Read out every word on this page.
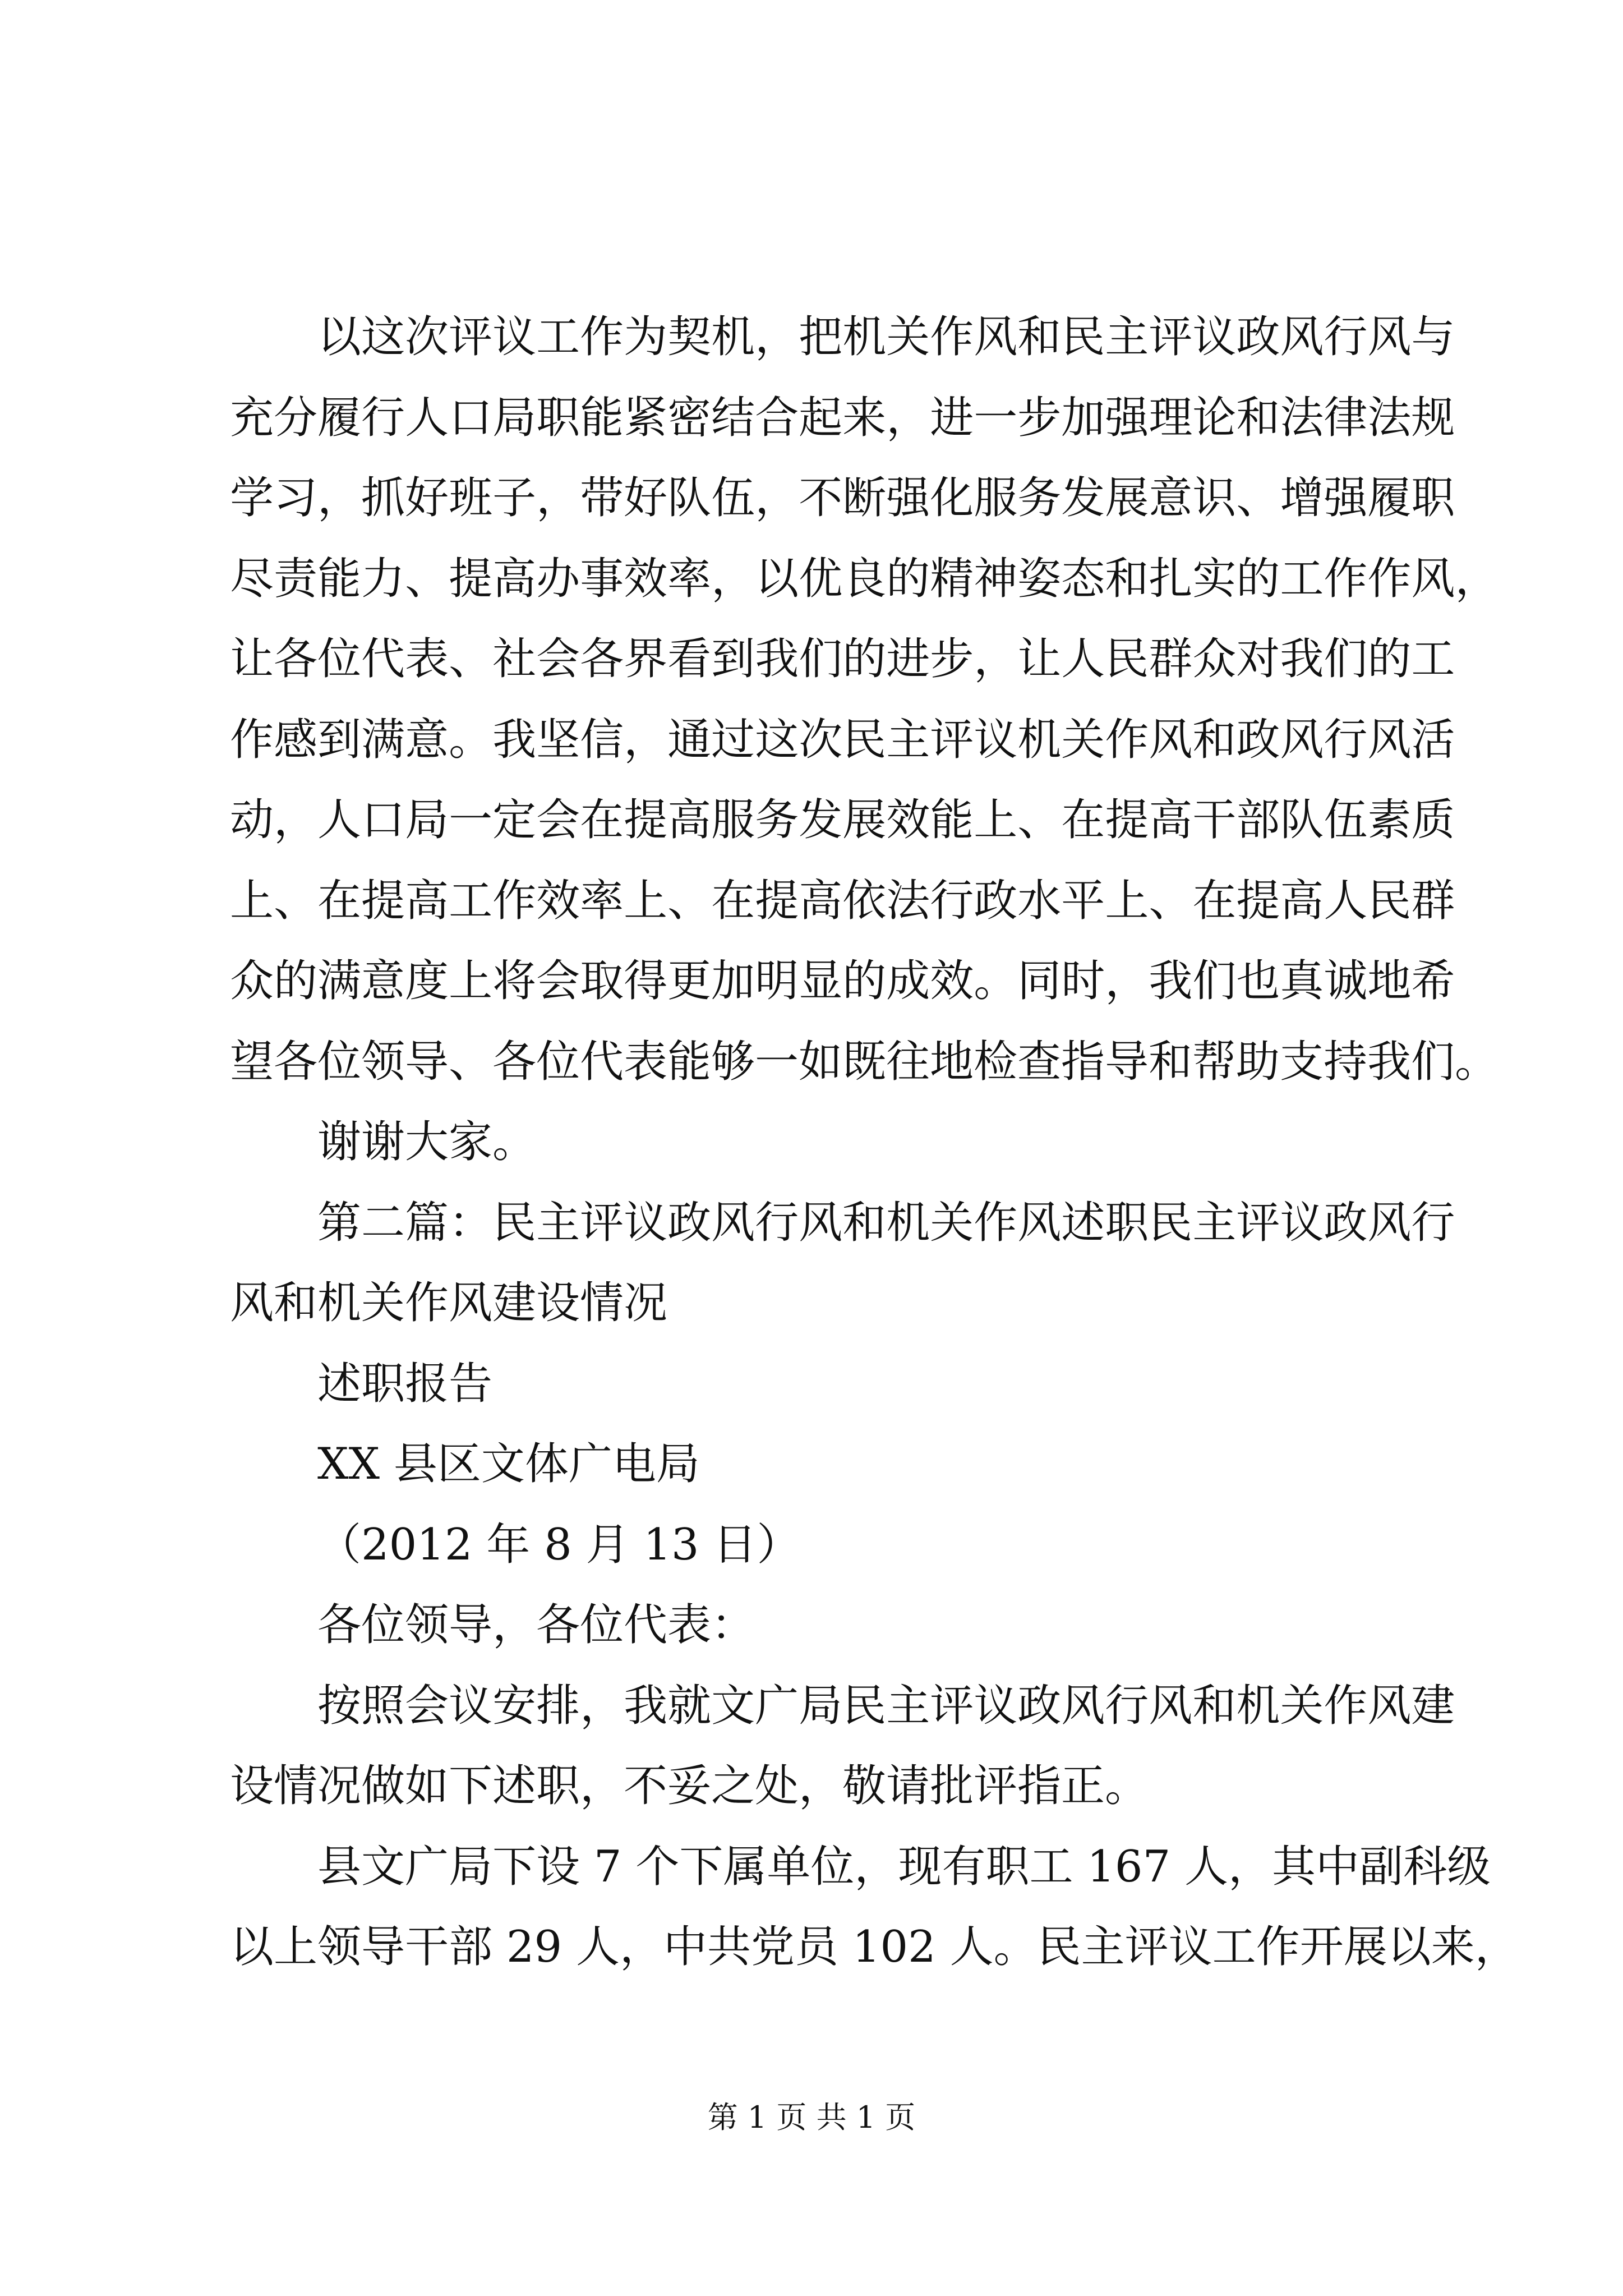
以 这 次 评 议 工 作 为 契 机 ， 把 机 关 作 风 和 民 主 评 议 政 风 行 风 与
充 分 履 行 人 口 局 职 能 紧 密 结 合 起 来 ， 进 一 步 加 强 理 论 和 法 律 法 规
学 习 ， 抓 好 班 子 ， 带 好 队 伍 ， 不 断 强 化 服 务 发 展 意 识 、 增 强 履 职
尽 责 能 力 、 提 高 办 事 效 率 ， 以 优 良 的 精 神 姿 态 和 扎 实 的 工 作 作 风 ，
让 各 位 代 表 、 社 会 各 界 看 到 我 们 的 进 步 ， 让 人 民 群 众 对 我 们 的 工
作 感 到 满 意 。 我 坚 信 ， 通 过 这 次 民 主 评 议 机 关 作 风 和 政 风 行 风 活
动 ， 人 口 局 一 定 会 在 提 高 服 务 发 展 效 能 上 、 在 提 高 干 部 队 伍 素 质
上 、 在 提 高 工 作 效 率 上 、 在 提 高 依 法 行 政 水 平 上 、 在 提 高 人 民 群
众 的 满 意 度 上 将 会 取 得 更 加 明 显 的 成 效 。 同 时 ， 我 们 也 真 诚 地 希
望各位领导、各位代表能够一如既往地检查指导和帮助支持我们。

谢谢大家。

第 二 篇 ： 民 主 评 议 政 风 行 风 和 机 关 作 风 述 职 民 主 评 议 政 风 行
风和机关作风建设情况

述职报告

XX 县区文体广电局

（2012 年 8 月 13 日）

各位领导，各位代表：

按 照 会 议 安 排 ， 我 就 文 广 局 民 主 评 议 政 风 行 风 和 机 关 作 风 建
设情况做如下述职，不妥之处，敬请批评指正。
县 文 广 局 下 设
7
个 下 属 单 位 ， 现 有 职 工
1 6 7
人 ， 其 中 副 科 级
以 上 领 导 干 部
2 9
人 ， 中 共 党 员
1 0 2
人 。 民 主 评 议 工 作 开 展 以 来 ，
第 1 页 共 1 页
